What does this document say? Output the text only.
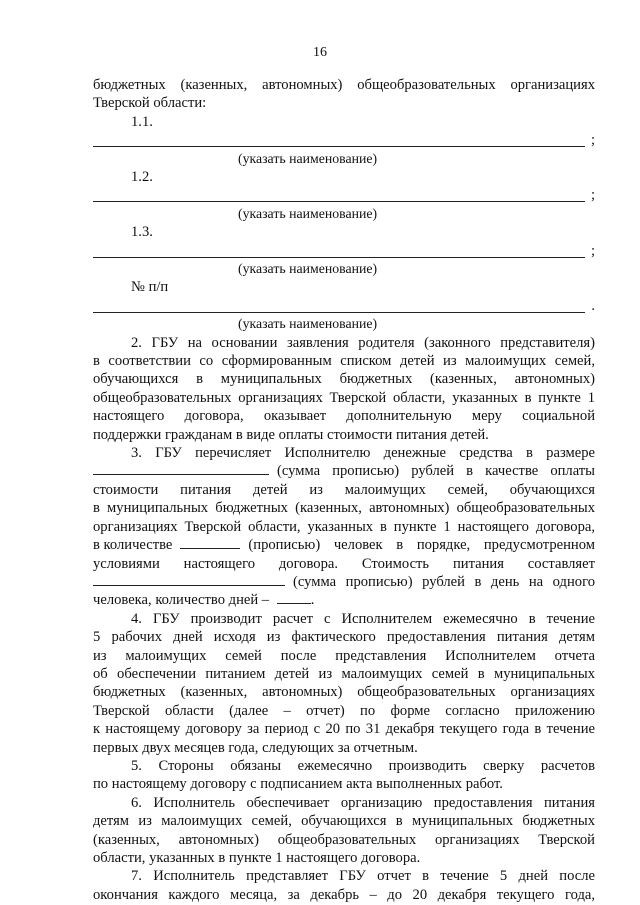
16
бюджетных (казенных, автономных) общеобразовательных организациях
Тверской области:
1.1.
;
(указать наименование)
1.2.
;
(указать наименование)
1.3.
;
(указать наименование)
№ п/п
.
(указать наименование)
2. ГБУ на основании заявления родителя (законного представителя)
в соответствии со сформированным списком детей из малоимущих семей,
обучающихся в муниципальных бюджетных (казенных, автономных)
общеобразовательных организациях Тверской области, указанных в пункте 1
настоящего договора, оказывает дополнительную меру социальной
поддержки гражданам в виде оплаты стоимости питания детей.
3. ГБУ перечисляет Исполнителю денежные средства в размере
(сумма прописью) рублей в качестве оплаты
стоимости питания детей из малоимущих семей, обучающихся
в муниципальных бюджетных (казенных, автономных) общеобразовательных
организациях Тверской области, указанных в пункте 1 настоящего договора,
в количестве	(прописью) человек в порядке, предусмотренном
условиями настоящего договора. Стоимость питания составляет
(сумма прописью) рублей в день на одного
человека, количество дней –	.
4. ГБУ производит расчет с Исполнителем ежемесячно в течение
5 рабочих дней исходя из фактического предоставления питания детям
из малоимущих семей после представления Исполнителем отчета
об обеспечении питанием детей из малоимущих семей в муниципальных
бюджетных (казенных, автономных) общеобразовательных организациях
Тверской области (далее – отчет) по форме согласно приложению
к настоящему договору за период с 20 по 31 декабря текущего года в течение
первых двух месяцев года, следующих за отчетным.
5. Стороны обязаны ежемесячно производить сверку расчетов
по настоящему договору с подписанием акта выполненных работ.
6. Исполнитель обеспечивает организацию предоставления питания
детям из малоимущих семей, обучающихся в муниципальных бюджетных
(казенных, автономных) общеобразовательных организациях Тверской
области, указанных в пункте 1 настоящего договора.
7. Исполнитель представляет ГБУ отчет в течение 5 дней после
окончания каждого месяца, за декабрь – до 20 декабря текущего года,
